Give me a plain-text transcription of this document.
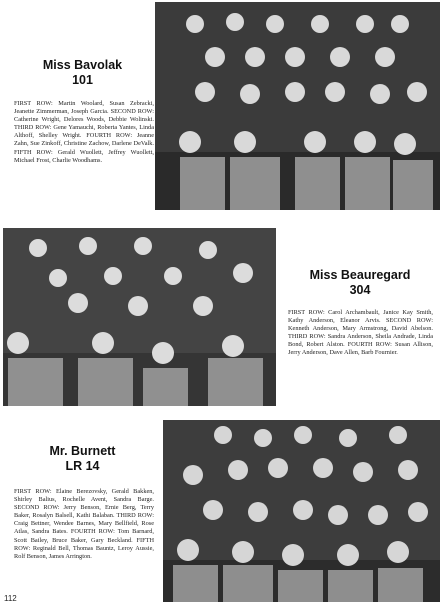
Miss Bavolak
101
FIRST ROW: Martin Woolard, Susan Zebracki, Jeanette Zimmerman, Joseph Garcia. SECOND ROW: Catherine Wright, Delores Woods, Debbie Wolinski. THIRD ROW: Gene Yamauchi, Roberta Yantes, Linda Althoff, Shelley Wright. FOURTH ROW: Jeanne Zahn, Sue Zinkoff, Christine Zachow, Darlene DeValk. FIFTH ROW: Gerald Wuollett, Jeffrey Wuollett, Michael Frost, Charlie Woodhams.
Miss Beauregard
304
FIRST ROW: Carol Archambault, Janice Kay Smith, Kathy Anderson, Eleanor Arvis. SECOND ROW: Kenneth Anderson, Mary Armstrong, David Abelson. THIRD ROW: Sandra Anderson, Sheila Andrade, Linda Bond, Robert Alston. FOURTH ROW: Susan Allison, Jerry Anderson, Dave Allen, Barb Fournier.
Mr. Burnett
LR 14
FIRST ROW: Elaine Berezovsky, Gerald Bakken, Shirley Balius, Rochelle Avent, Sandra Barge. SECOND ROW: Jerry Benson, Ernie Berg, Terry Baker, Rosalyn Balsell, Kathi Balaban. THIRD ROW: Craig Bettner, Wendee Barnes, Mary Bellfield, Rose Atlas, Sandra Bates. FOURTH ROW: Tom Barnard, Scott Bailey, Bruce Baker, Gary Beckland. FIFTH ROW: Reginald Bell, Thomas Bauntz, Leroy Aussie, Rolf Benson, James Arrington.
112
